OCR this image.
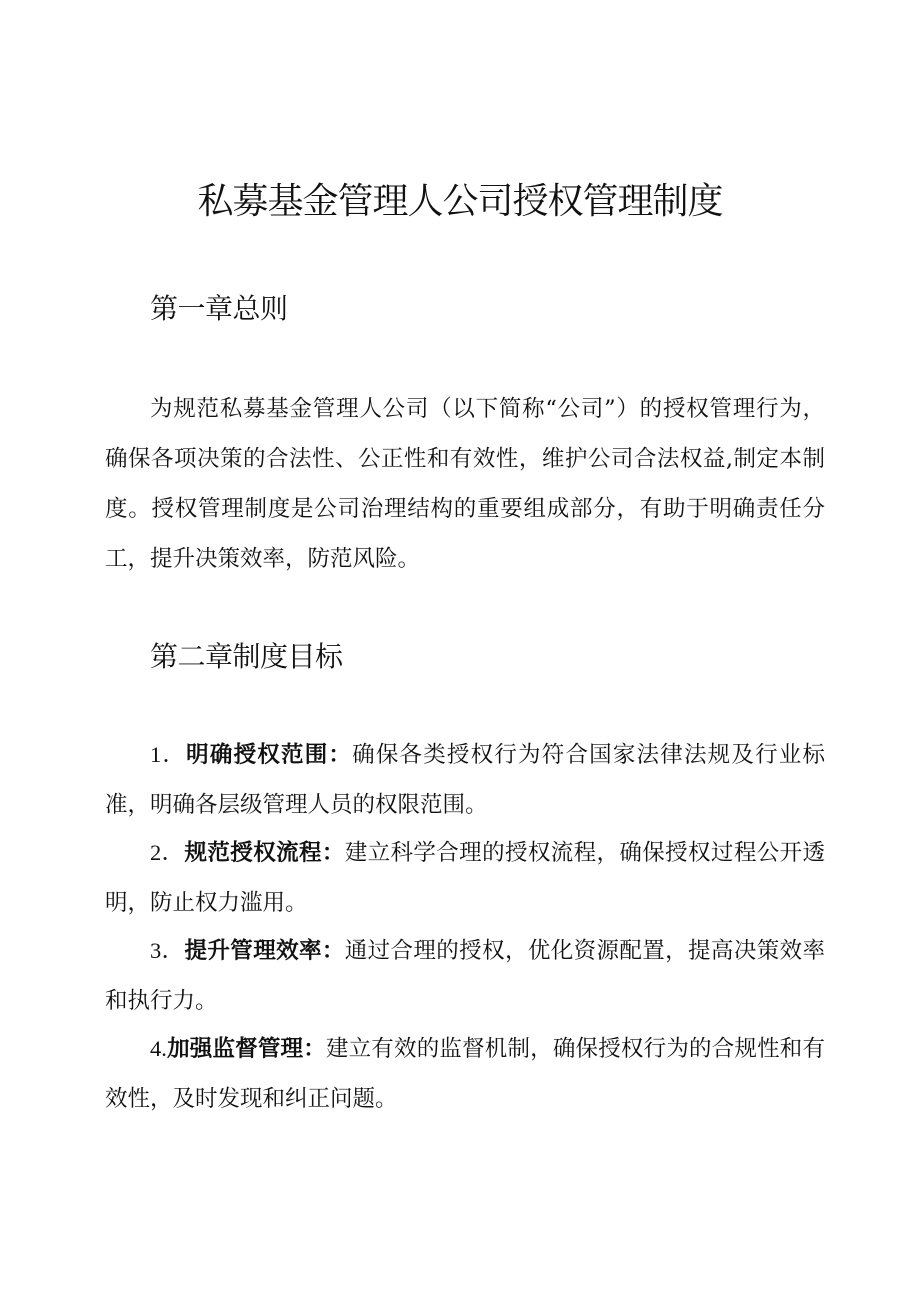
私募基金管理人公司授权管理制度
第一章总则

为规范私募基金管理人公司（以下简称“公司”）的授权管理行为，确保各项决策的合法性、公正性和有效性，维护公司合法权益,制定本制度。授权管理制度是公司治理结构的重要组成部分，有助于明确责任分工，提升决策效率，防范风险。

第二章制度目标

1．明确授权范围：确保各类授权行为符合国家法律法规及行业标准，明确各层级管理人员的权限范围。

2．规范授权流程：建立科学合理的授权流程，确保授权过程公开透明，防止权力滥用。

3．提升管理效率：通过合理的授权，优化资源配置，提高决策效率和执行力。

4.加强监督管理：建立有效的监督机制，确保授权行为的合规性和有效性，及时发现和纠正问题。
